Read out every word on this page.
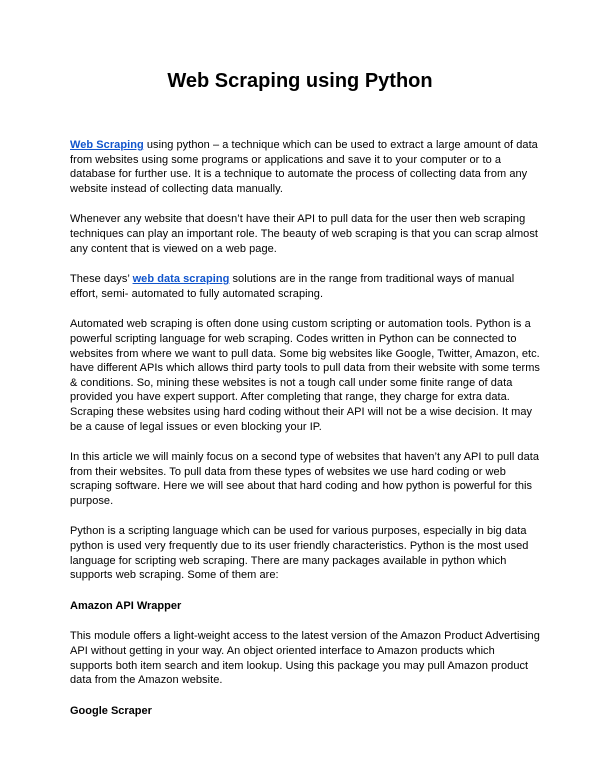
Web Scraping using Python

Web Scraping using python – a technique which can be used to extract a large amount of data from websites using some programs or applications and save it to your computer or to a database for further use. It is a technique to automate the process of collecting data from any website instead of collecting data manually.

Whenever any website that doesn’t have their API to pull data for the user then web scraping techniques can play an important role. The beauty of web scraping is that you can scrap almost any content that is viewed on a web page.

These days’ web data scraping solutions are in the range from traditional ways of manual effort, semi- automated to fully automated scraping.

Automated web scraping is often done using custom scripting or automation tools. Python is a powerful scripting language for web scraping. Codes written in Python can be connected to websites from where we want to pull data. Some big websites like Google, Twitter, Amazon, etc. have different APIs which allows third party tools to pull data from their website with some terms & conditions. So, mining these websites is not a tough call under some finite range of data provided you have expert support. After completing that range, they charge for extra data. Scraping these websites using hard coding without their API will not be a wise decision. It may be a cause of legal issues or even blocking your IP.

In this article we will mainly focus on a second type of websites that haven’t any API to pull data from their websites. To pull data from these types of websites we use hard coding or web scraping software. Here we will see about that hard coding and how python is powerful for this purpose.

Python is a scripting language which can be used for various purposes, especially in big data python is used very frequently due to its user friendly characteristics. Python is the most used language for scripting web scraping. There are many packages available in python which supports web scraping. Some of them are:

Amazon API Wrapper

This module offers a light-weight access to the latest version of the Amazon Product Advertising API without getting in your way. An object oriented interface to Amazon products which supports both item search and item lookup. Using this package you may pull Amazon product data from the Amazon website.

Google Scraper
